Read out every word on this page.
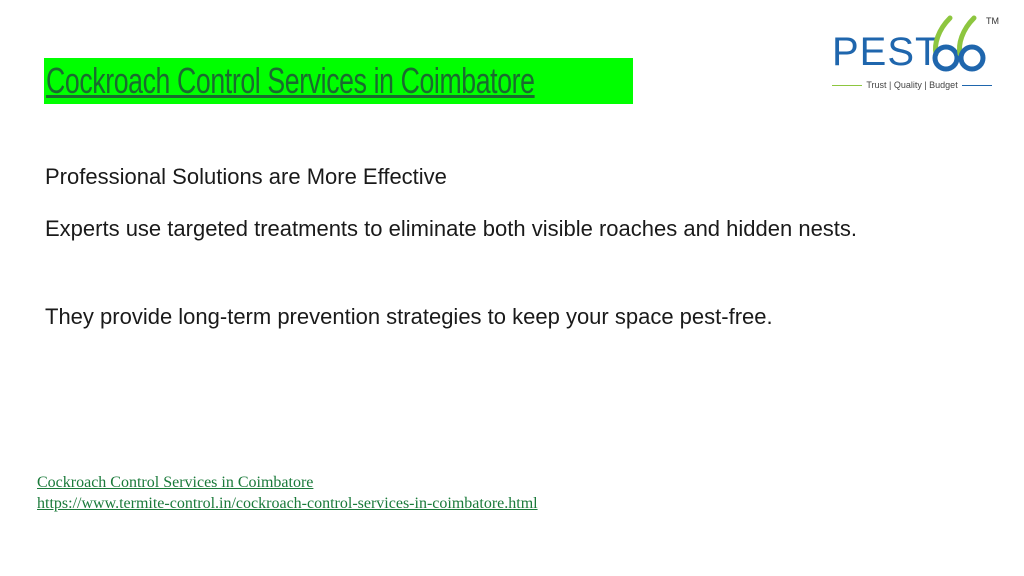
Cockroach Control Services in Coimbatore
PEST
TM
Trust | Quality | Budget

Professional Solutions are More Effective

Experts use targeted treatments to eliminate both visible roaches and hidden nests.

They provide long-term prevention strategies to keep your space pest-free.

Cockroach Control Services in Coimbatore
https://www.termite-control.in/cockroach-control-services-in-coimbatore.html
